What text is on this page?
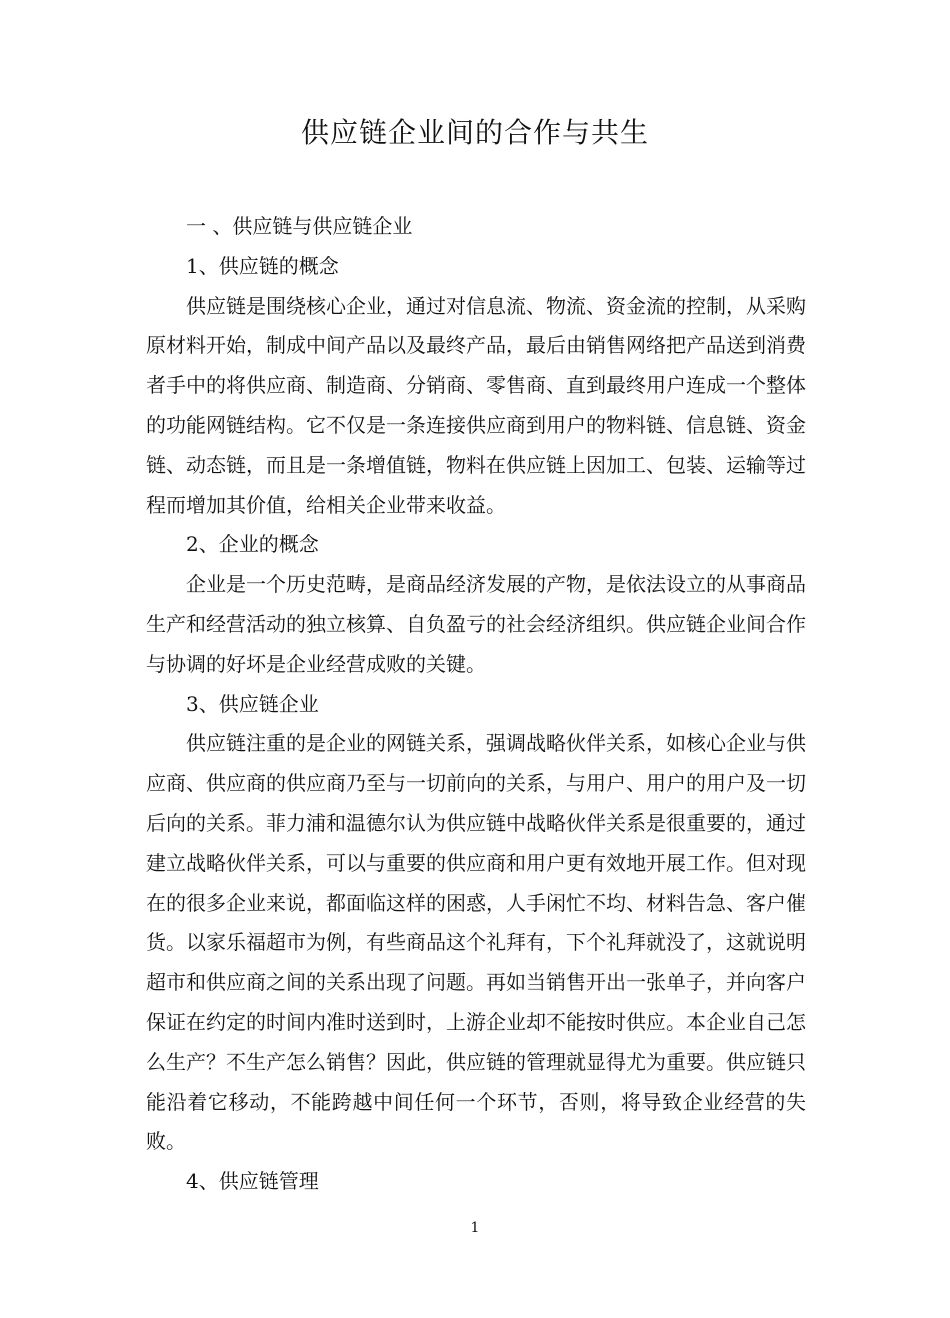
供应链企业间的合作与共生

一 、供应链与供应链企业

1、供应链的概念

供应链是围绕核心企业，通过对信息流、物流、资金流的控制，从采购原材料开始，制成中间产品以及最终产品，最后由销售网络把产品送到消费者手中的将供应商、制造商、分销商、零售商、直到最终用户连成一个整体的功能网链结构。它不仅是一条连接供应商到用户的物料链、信息链、资金链、动态链，而且是一条增值链，物料在供应链上因加工、包装、运输等过程而增加其价值，给相关企业带来收益。

2、企业的概念

企业是一个历史范畴，是商品经济发展的产物，是依法设立的从事商品生产和经营活动的独立核算、自负盈亏的社会经济组织。供应链企业间合作与协调的好坏是企业经营成败的关键。

3、供应链企业

供应链注重的是企业的网链关系，强调战略伙伴关系，如核心企业与供应商、供应商的供应商乃至与一切前向的关系，与用户、用户的用户及一切后向的关系。菲力浦和温德尔认为供应链中战略伙伴关系是很重要的，通过建立战略伙伴关系，可以与重要的供应商和用户更有效地开展工作。但对现在的很多企业来说，都面临这样的困惑，人手闲忙不均、材料告急、客户催货。以家乐福超市为例，有些商品这个礼拜有，下个礼拜就没了，这就说明超市和供应商之间的关系出现了问题。再如当销售开出一张单子，并向客户保证在约定的时间内准时送到时，上游企业却不能按时供应。本企业自己怎么生产？不生产怎么销售？因此，供应链的管理就显得尤为重要。供应链只能沿着它移动，不能跨越中间任何一个环节，否则，将导致企业经营的失败。

4、供应链管理

1
